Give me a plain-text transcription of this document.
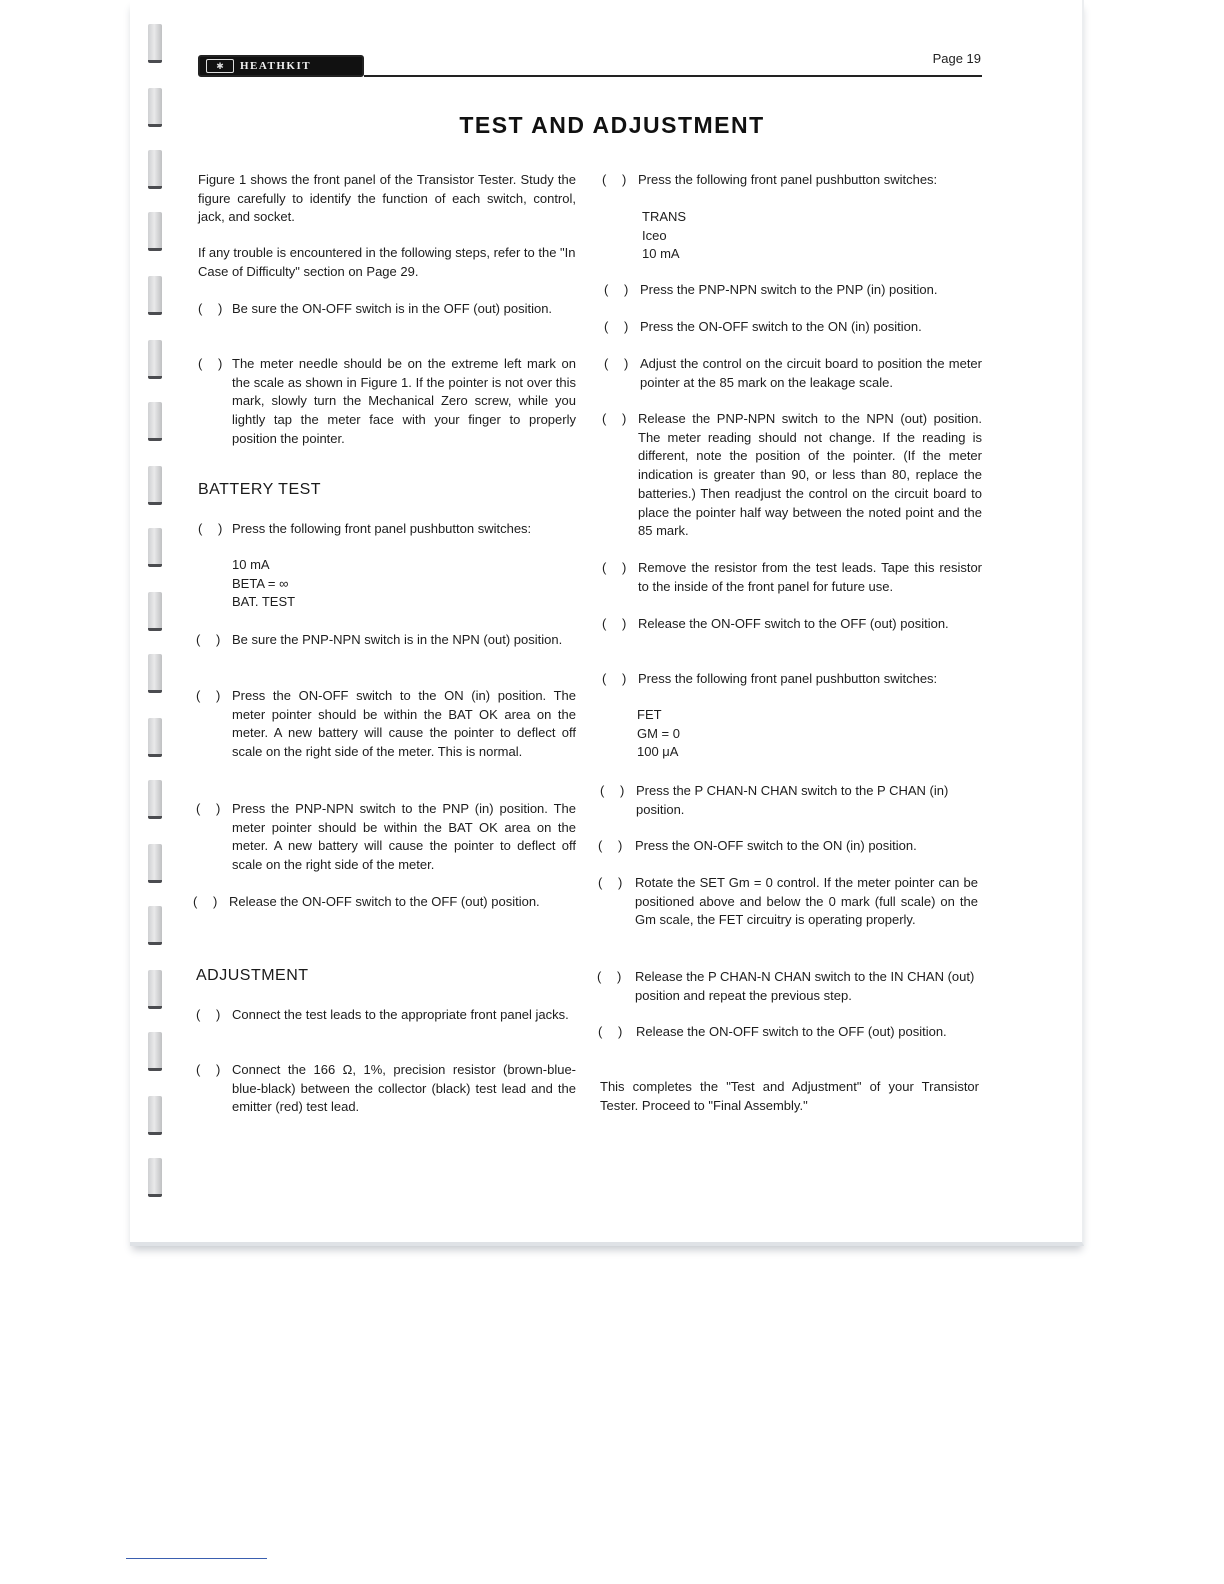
✱	HEATHKIT	Page 19
TEST AND ADJUSTMENT
Figure 1 shows the front panel of the Transistor Tester. Study the figure carefully to identify the function of each switch, control, jack, and socket.
If any trouble is encountered in the following steps, refer to the "In Case of Difficulty" section on Page 29.
( ) Be sure the ON-OFF switch is in the OFF (out) position.
( ) The meter needle should be on the extreme left mark on the scale as shown in Figure 1. If the pointer is not over this mark, slowly turn the Mechanical Zero screw, while you lightly tap the meter face with your finger to properly position the pointer.
BATTERY TEST
( ) Press the following front panel pushbutton switches:
10 mA
BETA = ∞
BAT. TEST
( ) Be sure the PNP-NPN switch is in the NPN (out) position.
( ) Press the ON-OFF switch to the ON (in) position. The meter pointer should be within the BAT OK area on the meter. A new battery will cause the pointer to deflect off scale on the right side of the meter. This is normal.
( ) Press the PNP-NPN switch to the PNP (in) position. The meter pointer should be within the BAT OK area on the meter. A new battery will cause the pointer to deflect off scale on the right side of the meter.
( ) Release the ON-OFF switch to the OFF (out) position.
ADJUSTMENT
( ) Connect the test leads to the appropriate front panel jacks.
( ) Connect the 166 Ω, 1%, precision resistor (brown-blue-blue-black) between the collector (black) test lead and the emitter (red) test lead.
( ) Press the following front panel pushbutton switches:
TRANS
Iceo
10 mA
( ) Press the PNP-NPN switch to the PNP (in) position.
( ) Press the ON-OFF switch to the ON (in) position.
( ) Adjust the control on the circuit board to position the meter pointer at the 85 mark on the leakage scale.
( ) Release the PNP-NPN switch to the NPN (out) position. The meter reading should not change. If the reading is different, note the position of the pointer. (If the meter indication is greater than 90, or less than 80, replace the batteries.) Then readjust the control on the circuit board to place the pointer half way between the noted point and the 85 mark.
( ) Remove the resistor from the test leads. Tape this resistor to the inside of the front panel for future use.
( ) Release the ON-OFF switch to the OFF (out) position.
( ) Press the following front panel pushbutton switches:
FET
GM = 0
100 μA
( ) Press the P CHAN-N CHAN switch to the P CHAN (in) position.
( ) Press the ON-OFF switch to the ON (in) position.
( ) Rotate the SET Gm = 0 control. If the meter pointer can be positioned above and below the 0 mark (full scale) on the Gm scale, the FET circuitry is operating properly.
( ) Release the P CHAN-N CHAN switch to the IN CHAN (out) position and repeat the previous step.
( ) Release the ON-OFF switch to the OFF (out) position.
This completes the "Test and Adjustment" of your Transistor Tester. Proceed to "Final Assembly."
